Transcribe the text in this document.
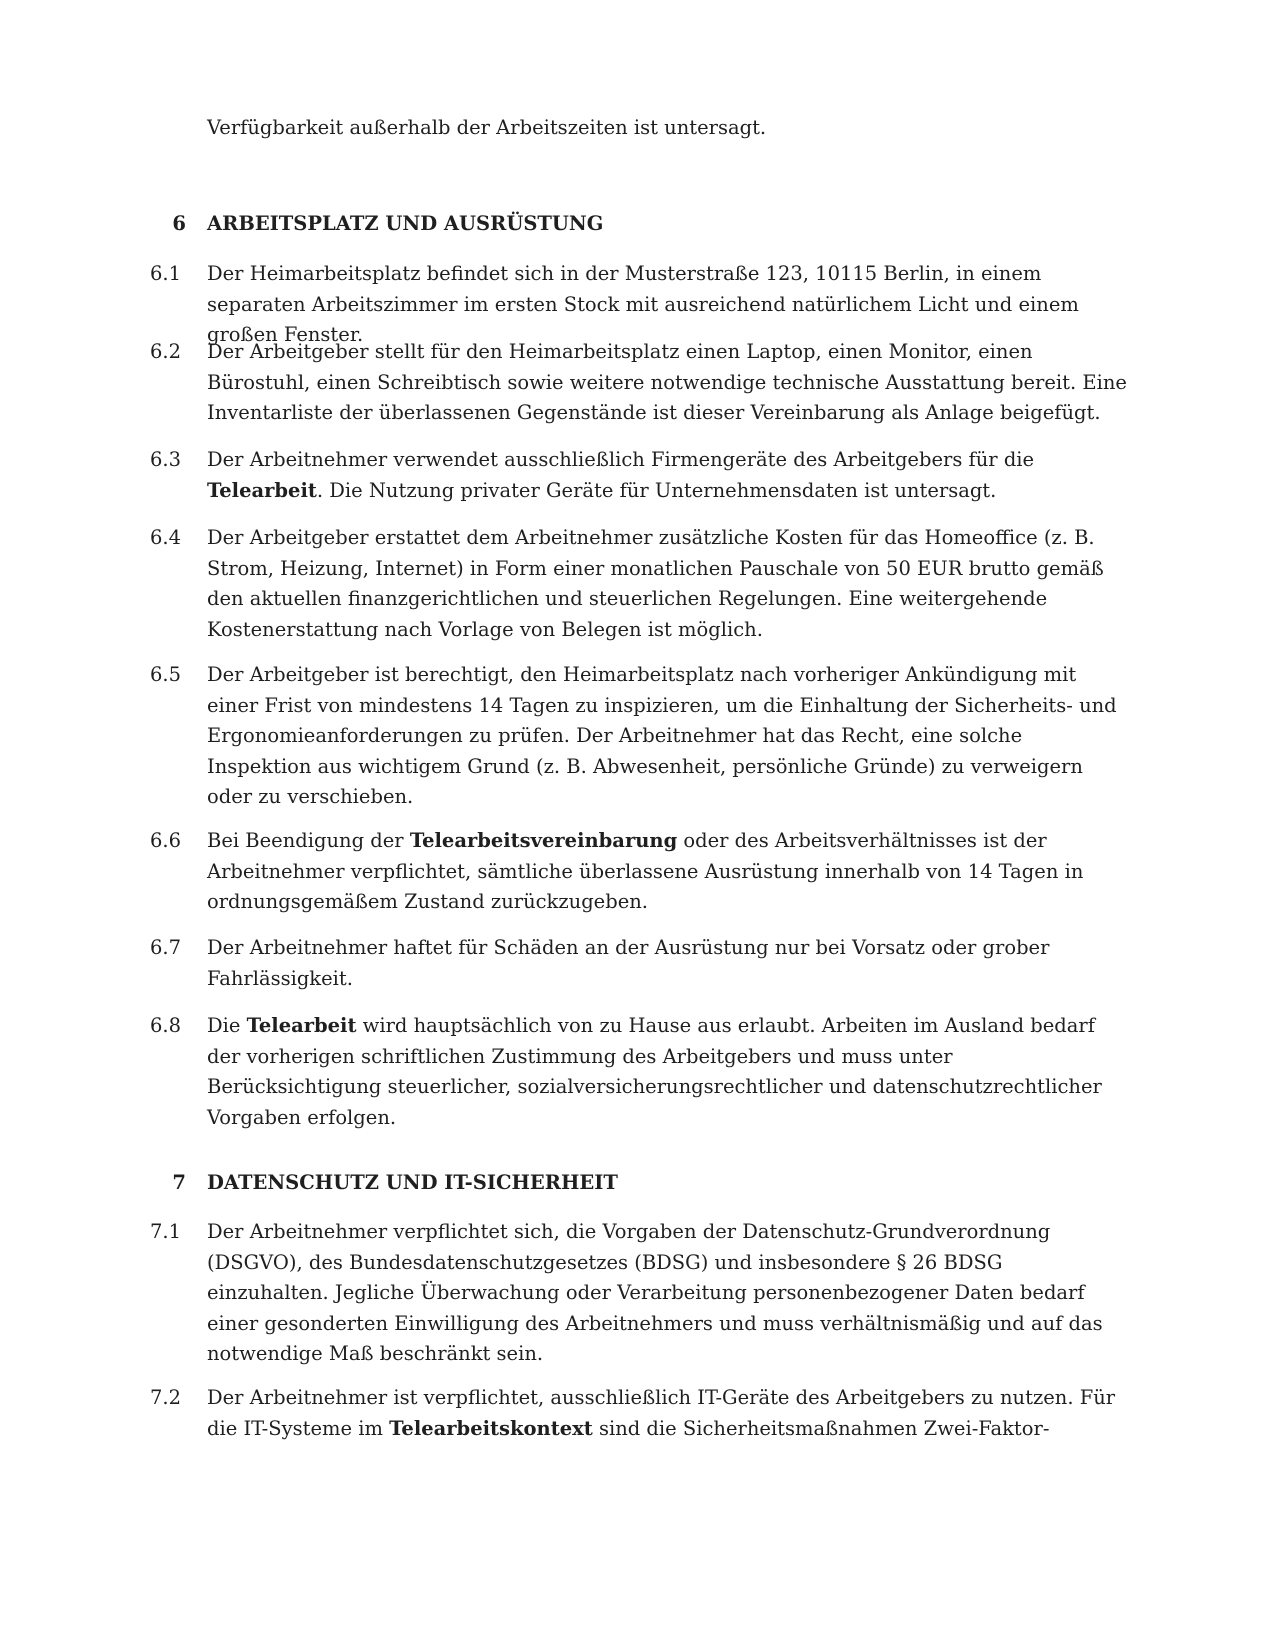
Verfügbarkeit außerhalb der Arbeitszeiten ist untersagt.

6 ARBEITSPLATZ UND AUSRÜSTUNG
6.1 Der Heimarbeitsplatz befindet sich in der Musterstraße 123, 10115 Berlin, in einem separaten Arbeitszimmer im ersten Stock mit ausreichend natürlichem Licht und einem großen Fenster.

6.2 Der Arbeitgeber stellt für den Heimarbeitsplatz einen Laptop, einen Monitor, einen Bürostuhl, einen Schreibtisch sowie weitere notwendige technische Ausstattung bereit. Eine Inventarliste der überlassenen Gegenstände ist dieser Vereinbarung als Anlage beigefügt.

6.3 Der Arbeitnehmer verwendet ausschließlich Firmengeräte des Arbeitgebers für die Telearbeit. Die Nutzung privater Geräte für Unternehmensdaten ist untersagt.

6.4 Der Arbeitgeber erstattet dem Arbeitnehmer zusätzliche Kosten für das Homeoffice (z. B. Strom, Heizung, Internet) in Form einer monatlichen Pauschale von 50 EUR brutto gemäß den aktuellen finanzgerichtlichen und steuerlichen Regelungen. Eine weitergehende Kostenerstattung nach Vorlage von Belegen ist möglich.

6.5 Der Arbeitgeber ist berechtigt, den Heimarbeitsplatz nach vorheriger Ankündigung mit einer Frist von mindestens 14 Tagen zu inspizieren, um die Einhaltung der Sicherheits- und Ergonomieanforderungen zu prüfen. Der Arbeitnehmer hat das Recht, eine solche Inspektion aus wichtigem Grund (z. B. Abwesenheit, persönliche Gründe) zu verweigern oder zu verschieben.

6.6 Bei Beendigung der Telearbeitsvereinbarung oder des Arbeitsverhältnisses ist der Arbeitnehmer verpflichtet, sämtliche überlassene Ausrüstung innerhalb von 14 Tagen in ordnungsgemäßem Zustand zurückzugeben.

6.7 Der Arbeitnehmer haftet für Schäden an der Ausrüstung nur bei Vorsatz oder grober Fahrlässigkeit.

6.8 Die Telearbeit wird hauptsächlich von zu Hause aus erlaubt. Arbeiten im Ausland bedarf der vorherigen schriftlichen Zustimmung des Arbeitgebers und muss unter Berücksichtigung steuerlicher, sozialversicherungsrechtlicher und datenschutzrechtlicher Vorgaben erfolgen.

7 DATENSCHUTZ UND IT-SICHERHEIT
7.1 Der Arbeitnehmer verpflichtet sich, die Vorgaben der Datenschutz-Grundverordnung (DSGVO), des Bundesdatenschutzgesetzes (BDSG) und insbesondere § 26 BDSG einzuhalten. Jegliche Überwachung oder Verarbeitung personenbezogener Daten bedarf einer gesonderten Einwilligung des Arbeitnehmers und muss verhältnismäßig und auf das notwendige Maß beschränkt sein.

7.2 Der Arbeitnehmer ist verpflichtet, ausschließlich IT-Geräte des Arbeitgebers zu nutzen. Für die IT-Systeme im Telearbeitskontext sind die Sicherheitsmaßnahmen Zwei-Faktor-
